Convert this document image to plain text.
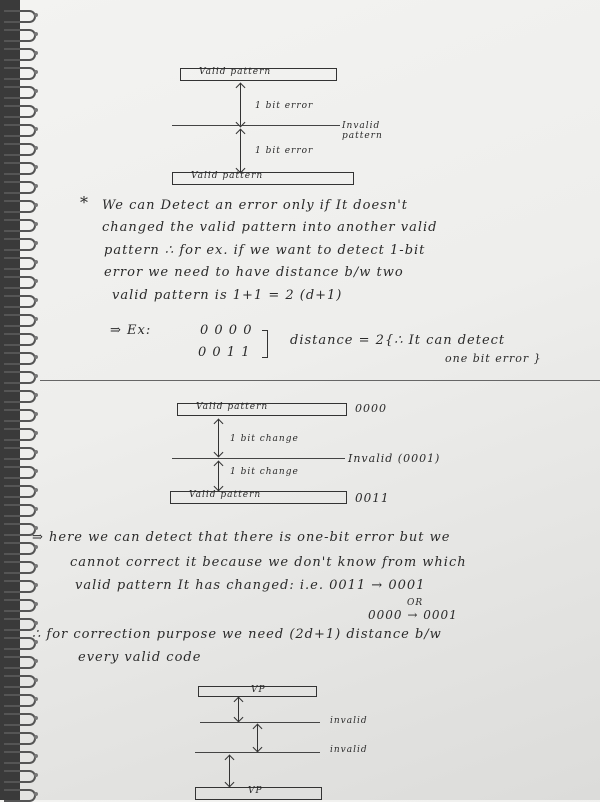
Valid pattern
1 bit error
Invalid pattern
1 bit error
Valid pattern
* We can Detect an error only if It doesn't
changed the valid pattern into another valid
pattern ∴ for ex. if we want to detect 1-bit
error we need to have distance b/w two
valid pattern is 1+1 = 2 (d+1)
⇒ Ex:	0 0 0 0
0 0 1 1
distance = 2 {∴ It can detect
one bit error }
Valid pattern	0000
1 bit change
Invalid (0001)
1 bit change
Valid pattern	0011
⇒ here we can detect that there is one-bit error but we
cannot correct it because we don't know from which
valid pattern It has changed: i.e. 0011 → 0001
OR
0000 → 0001
∴ for correction purpose we need (2d+1) distance b/w
every valid code
VP
invalid
invalid
VP
